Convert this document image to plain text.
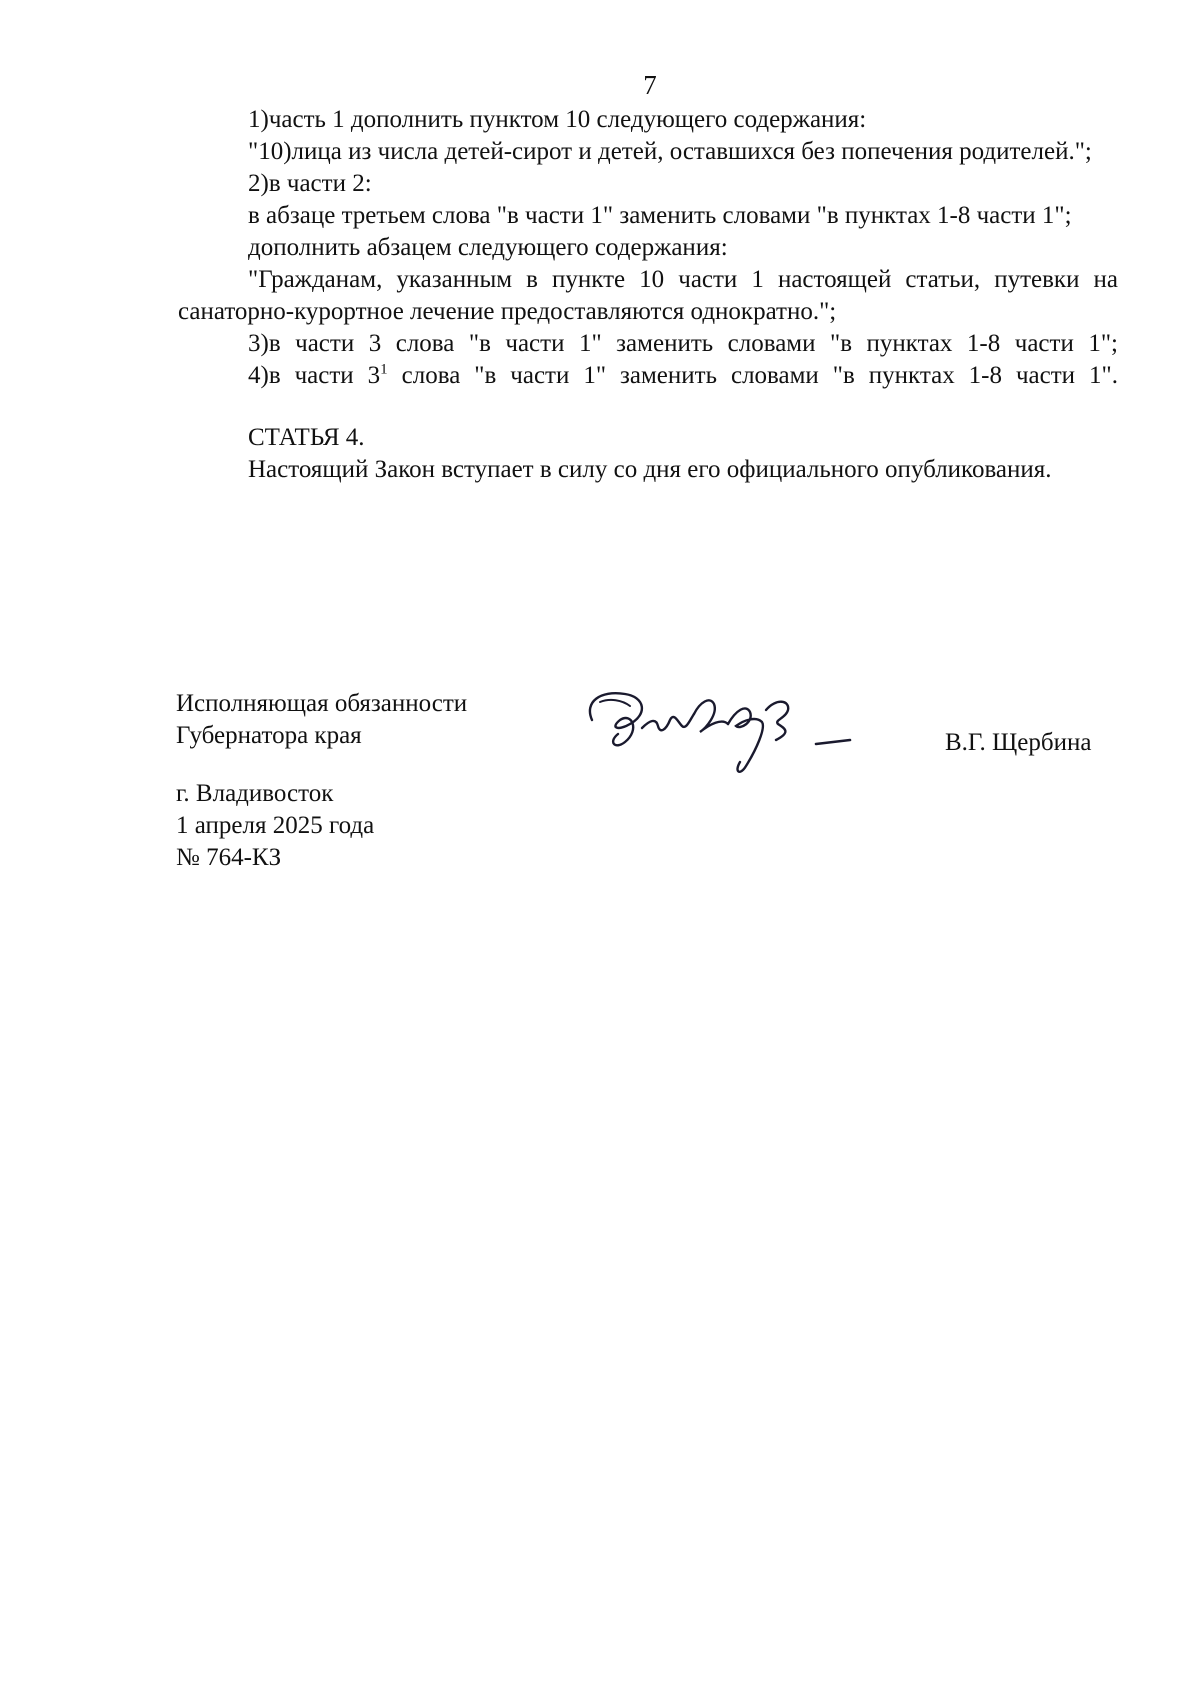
7

1)часть 1 дополнить пунктом 10 следующего содержания:

"10)лица из числа детей-сирот и детей, оставшихся без попечения родителей.";

2)в части 2:

в абзаце третьем слова "в части 1" заменить словами "в пунктах 1-8 части 1";

дополнить абзацем следующего содержания:

"Гражданам, указанным в пункте 10 части 1 настоящей статьи, путевки на санаторно-курортное лечение предоставляются однократно.";

3)в части 3 слова "в части 1" заменить словами "в пунктах 1-8 части 1";

4)в части $3^1$ слова "в части 1" заменить словами "в пунктах 1-8 части 1".

СТАТЬЯ 4.

Настоящий Закон вступает в силу со дня его официального опубликования.

Исполняющая обязанности
Губернатора края	В.Г. Щербина
г. Владивосток
1 апреля 2025 года
№ 764-КЗ
